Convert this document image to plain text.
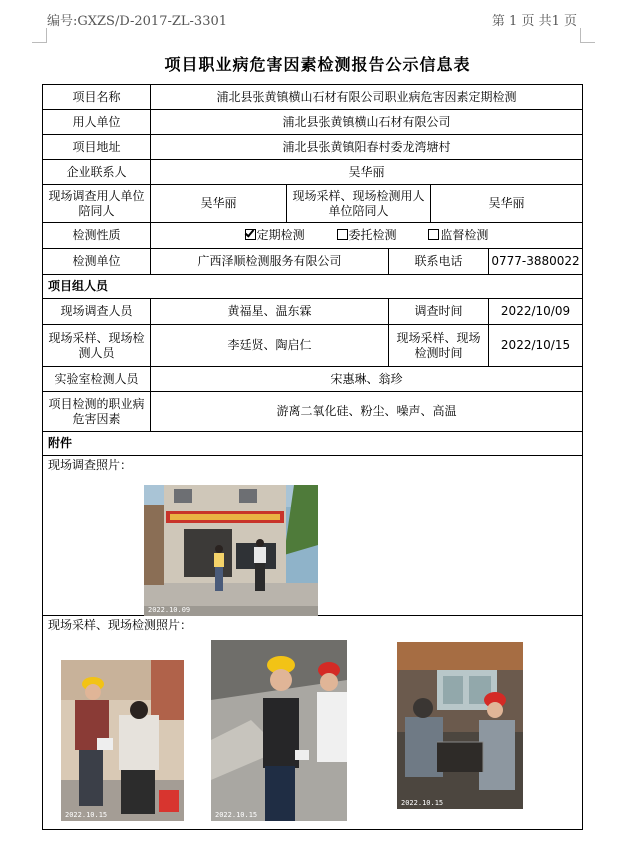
编号:GXZS/D-2017-ZL-3301	第 1 页 共1 页
项目职业病危害因素检测报告公示信息表
项目名称	浦北县张黄镇横山石材有限公司职业病危害因素定期检测				
用人单位	浦北县张黄镇横山石材有限公司				
项目地址	浦北县张黄镇阳春村委龙湾塘村				
企业联系人	吴华丽				
现场调查用人单位陪同人	吴华丽	现场采样、现场检测用人单位陪同人		吴华丽	
检测性质	定期检测 委托检测 监督检测				
检测单位	广西泽顺检测服务有限公司		联系电话		0777-3880022
项目组人员					
现场调查人员	黄福星、温东霖		调查时间		2022/10/09
现场采样、现场检测人员	李廷贤、陶启仁		现场采样、现场检测时间		2022/10/15
实验室检测人员	宋惠琳、翁珍				
项目检测的职业病危害因素	游离二氧化硅、粉尘、噪声、高温				
附件					

现场调查照片：					

现场采样、现场检测照片：					
2022.10.09
2022.10.15	2022.10.15
2022.10.15
